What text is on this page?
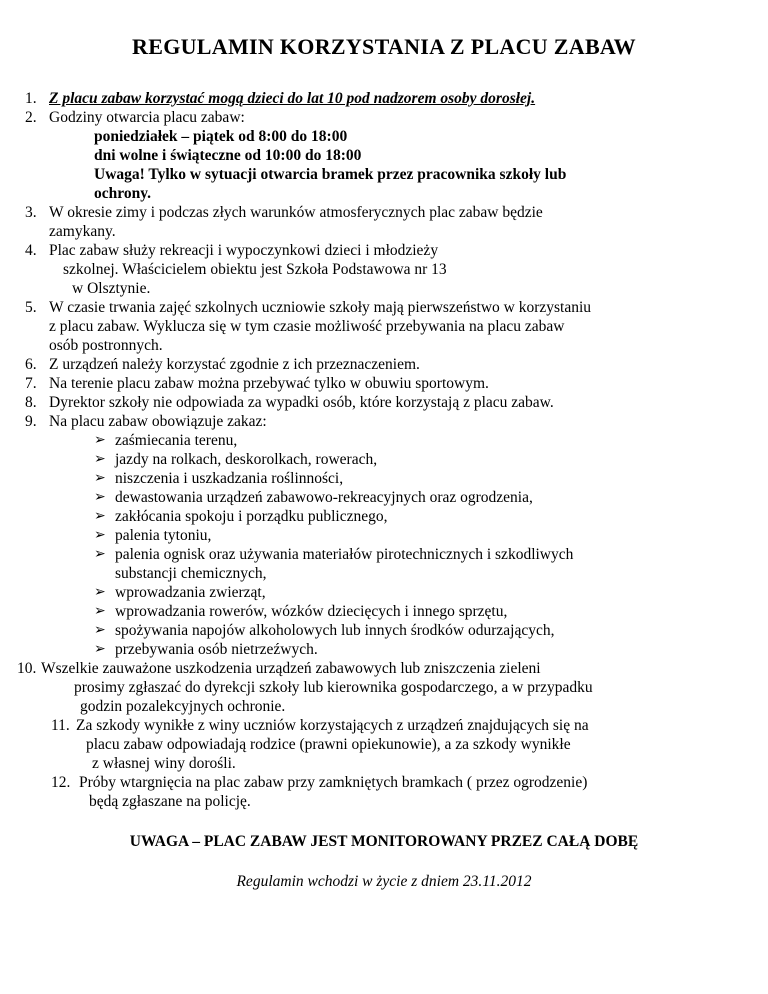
REGULAMIN KORZYSTANIA Z PLACU ZABAW
1. Z placu zabaw korzystać mogą dzieci do lat 10 pod nadzorem osoby dorosłej.
2. Godziny otwarcia placu zabaw:
poniedziałek – piątek od 8:00 do 18:00
dni wolne i świąteczne od 10:00 do 18:00
Uwaga! Tylko w sytuacji otwarcia bramek przez pracownika szkoły lub
ochrony.
3. W okresie zimy i podczas złych warunków atmosferycznych plac zabaw będzie
zamykany.
4. Plac zabaw służy rekreacji i wypoczynkowi dzieci i młodzieży
szkolnej. Właścicielem obiektu jest Szkoła Podstawowa nr 13
w Olsztynie.
5. W czasie trwania zajęć szkolnych uczniowie szkoły mają pierwszeństwo w korzystaniu
z placu zabaw. Wyklucza się w tym czasie możliwość przebywania na placu zabaw
osób postronnych.
6. Z urządzeń należy korzystać zgodnie z ich przeznaczeniem.
7. Na terenie placu zabaw można przebywać tylko w obuwiu sportowym.
8. Dyrektor szkoły nie odpowiada za wypadki osób, które korzystają z placu zabaw.
9. Na placu zabaw obowiązuje zakaz:
➢ zaśmiecania terenu,
➢ jazdy na rolkach, deskorolkach, rowerach,
➢ niszczenia i uszkadzania roślinności,
➢ dewastowania urządzeń zabawowo-rekreacyjnych oraz ogrodzenia,
➢ zakłócania spokoju i porządku publicznego,
➢ palenia tytoniu,
➢ palenia ognisk oraz używania materiałów pirotechnicznych i szkodliwych
substancji chemicznych,
➢ wprowadzania zwierząt,
➢ wprowadzania rowerów, wózków dziecięcych i innego sprzętu,
➢ spożywania napojów alkoholowych lub innych środków odurzających,
➢ przebywania osób nietrzeźwych.
10. Wszelkie zauważone uszkodzenia urządzeń zabawowych lub zniszczenia zieleni
prosimy zgłaszać do dyrekcji szkoły lub kierownika gospodarczego, a w przypadku
godzin pozalekcyjnych ochronie.
11. Za szkody wynikłe z winy uczniów korzystających z urządzeń znajdujących się na
placu zabaw odpowiadają rodzice (prawni opiekunowie), a za szkody wynikłe
z własnej winy dorośli.
12. Próby wtargnięcia na plac zabaw przy zamkniętych bramkach ( przez ogrodzenie)
będą zgłaszane na policję.
UWAGA – PLAC ZABAW JEST MONITOROWANY PRZEZ CAŁĄ DOBĘ
Regulamin wchodzi w życie z dniem 23.11.2012
